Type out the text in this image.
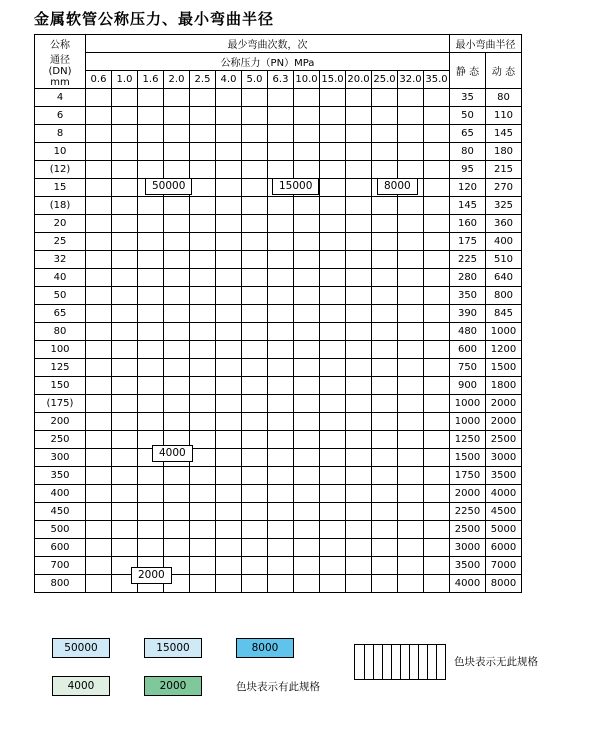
金属软管公称压力、最小弯曲半径
公称
通径
(DN)
mm	最少弯曲次数，次														最小弯曲半径	
	公称压力（PN）MPa														静 态	动 态
	0.6	1.0	1.6	2.0	2.5	4.0	5.0	6.3	10.0	15.0	20.0	25.0	32.0	35.0		
4															35	80
6															50	110
8															65	145
10															80	180
(12)															95	215
15															120	270
(18)															145	325
20															160	360
25															175	400
32															225	510
40															280	640
50															350	800
65															390	845
80															480	1000
100															600	1200
125															750	1500
150															900	1800
(175)															1000	2000
200															1000	2000
250															1250	2500
300															1500	3000
350															1750	3500
400															2000	4000
450															2250	4500
500															2500	5000
600															3000	6000
700															3500	7000
800															4000	8000
50000	15000	8000
色块表示无此规格
4000	2000	色块表示有此规格
50000	15000	8000
4000
2000
